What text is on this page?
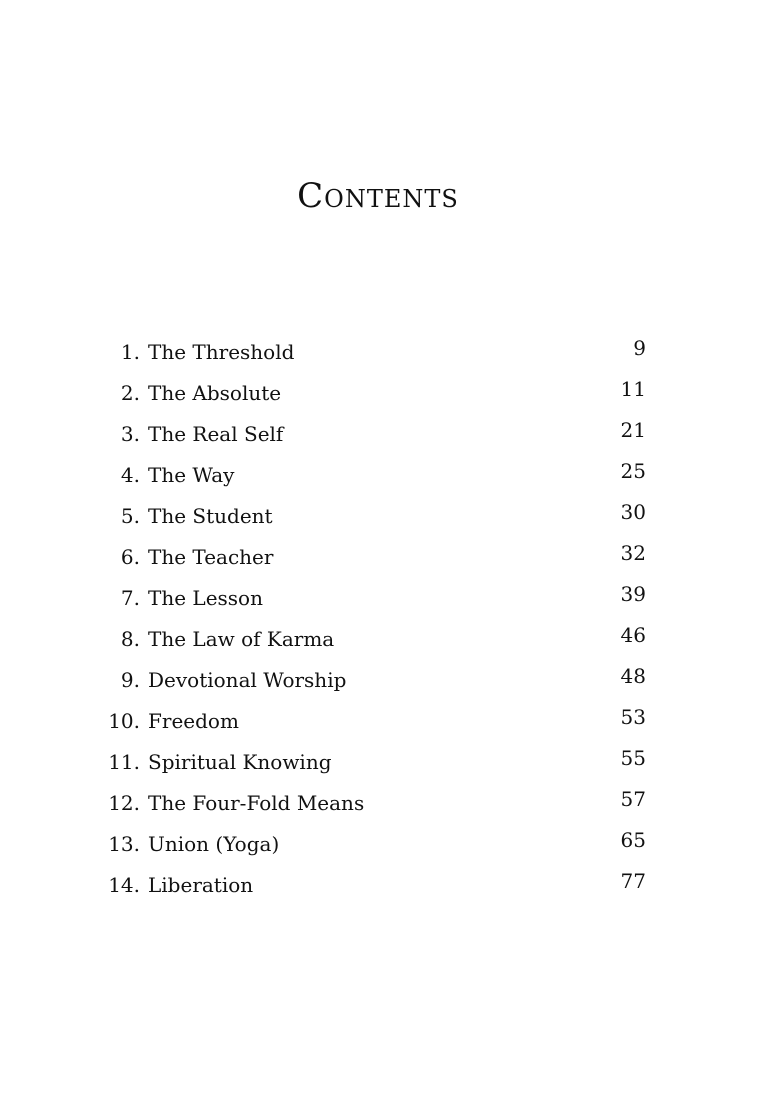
Contents
1. The Threshold	9
2. The Absolute	11
3. The Real Self	21
4. The Way	25
5. The Student	30
6. The Teacher	32
7. The Lesson	39
8. The Law of Karma	46
9. Devotional Worship	48
10. Freedom	53
11. Spiritual Knowing	55
12. The Four-Fold Means	57
13. Union (Yoga)	65
14. Liberation	77
